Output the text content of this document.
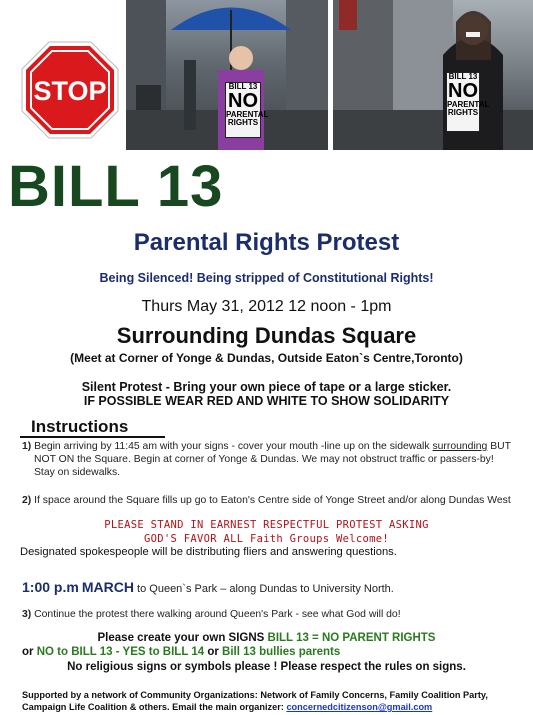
STOP	BILL 13
NO
PARENTAL
RIGHTS
BILL 13
NO
PARENTAL
RIGHTS
BILL 13
Parental Rights Protest
Being Silenced! Being stripped of Constitutional Rights!
Thurs May 31, 2012 12 noon - 1pm
Surrounding Dundas Square
(Meet at Corner of Yonge & Dundas, Outside Eaton`s Centre,Toronto)
Silent Protest - Bring your own piece of tape or a large sticker.
IF POSSIBLE WEAR RED AND WHITE TO SHOW SOLIDARITY
Instructions
1) Begin arriving by 11:45 am with your signs - cover your mouth -line up on the sidewalk surrounding BUT
NOT ON the Square. Begin at corner of Yonge & Dundas. We may not obstruct traffic or passers-by!
Stay on sidewalks.
2) If space around the Square fills up go to Eaton's Centre side of Yonge Street and/or along Dundas West
PLEASE STAND IN EARNEST RESPECTFUL PROTEST ASKING
GOD'S FAVOR ALL Faith Groups Welcome!
Designated spokespeople will be distributing fliers and answering questions.
1:00 p.m MARCH to Queen`s Park – along Dundas to University North.
3) Continue the protest there walking around Queen's Park - see what God will do!
Please create your own SIGNS BILL 13 = NO PARENT RIGHTS
or NO to BILL 13 - YES to BILL 14 or Bill 13 bullies parents
No religious signs or symbols please ! Please respect the rules on signs.
Supported by a network of Community Organizations: Network of Family Concerns, Family Coalition Party,
Campaign Life Coalition & others. Email the main organizer: concernedcitizenson@gmail.com
